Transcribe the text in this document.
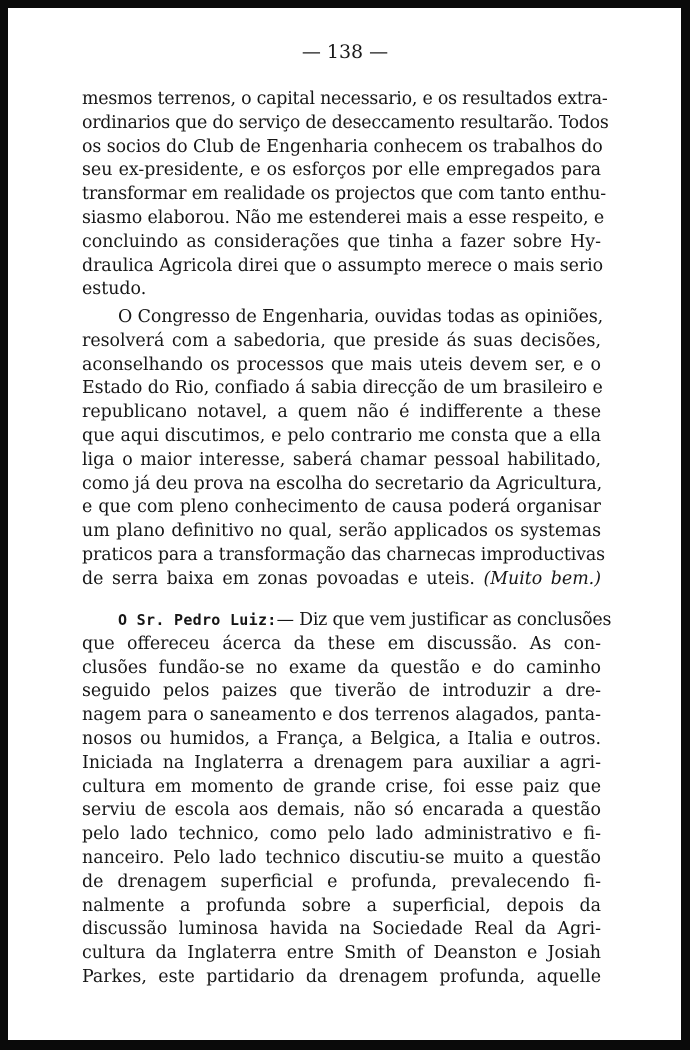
— 138 —
mesmos terrenos, o capital necessario, e os resultados extra-
ordinarios que do serviço de deseccamento resultarão. Todos
os socios do Club de Engenharia conhecem os trabalhos do
seu ex-presidente, e os esforços por elle empregados para
transformar em realidade os projectos que com tanto enthu-
siasmo elaborou. Não me estenderei mais a esse respeito, e
concluindo as considerações que tinha a fazer sobre Hy-
draulica Agricola direi que o assumpto merece o mais serio
estudo.
O Congresso de Engenharia, ouvidas todas as opiniões,
resolverá com a sabedoria, que preside ás suas decisões,
aconselhando os processos que mais uteis devem ser, e o
Estado do Rio, confiado á sabia direcção de um brasileiro e
republicano notavel, a quem não é indifferente a these
que aqui discutimos, e pelo contrario me consta que a ella
liga o maior interesse, saberá chamar pessoal habilitado,
como já deu prova na escolha do secretario da Agricultura,
e que com pleno conhecimento de causa poderá organisar
um plano definitivo no qual, serão applicados os systemas
praticos para a transformação das charnecas improductivas
de serra baixa em zonas povoadas e uteis. (Muito bem.)
O Sr. Pedro Luiz:— Diz que vem justificar as conclusões
que offereceu ácerca da these em discussão. As con-
clusões fundão-se no exame da questão e do caminho
seguido pelos paizes que tiverão de introduzir a dre-
nagem para o saneamento e dos terrenos alagados, panta-
nosos ou humidos, a França, a Belgica, a Italia e outros.
Iniciada na Inglaterra a drenagem para auxiliar a agri-
cultura em momento de grande crise, foi esse paiz que
serviu de escola aos demais, não só encarada a questão
pelo lado technico, como pelo lado administrativo e fi-
nanceiro. Pelo lado technico discutiu-se muito a questão
de drenagem superficial e profunda, prevalecendo fi-
nalmente a profunda sobre a superficial, depois da
discussão luminosa havida na Sociedade Real da Agri-
cultura da Inglaterra entre Smith of Deanston e Josiah
Parkes, este partidario da drenagem profunda, aquelle
